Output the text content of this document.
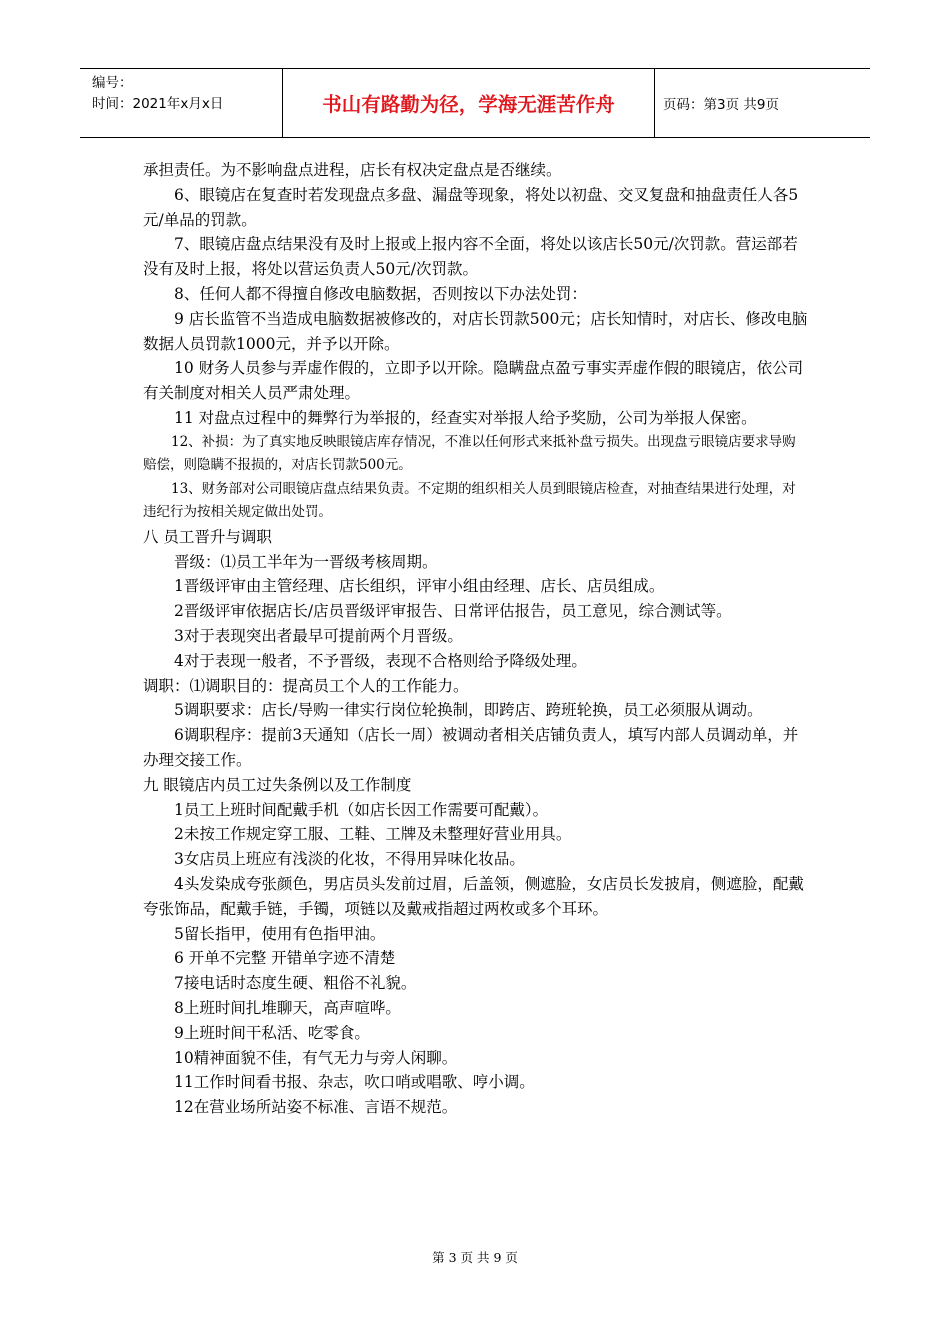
编号：
时间：2021年x月x日	书山有路勤为径，学海无涯苦作舟	页码：第3页 共9页

承担责任。为不影响盘点进程，店长有权决定盘点是否继续。

6、眼镜店在复查时若发现盘点多盘、漏盘等现象，将处以初盘、交叉复盘和抽盘责任人各5元/单品的罚款。

7、眼镜店盘点结果没有及时上报或上报内容不全面，将处以该店长50元/次罚款。营运部若没有及时上报，将处以营运负责人50元/次罚款。

8、任何人都不得擅自修改电脑数据，否则按以下办法处罚：

9 店长监管不当造成电脑数据被修改的，对店长罚款500元；店长知情时，对店长、修改电脑数据人员罚款1000元，并予以开除。

10 财务人员参与弄虚作假的，立即予以开除。隐瞒盘点盈亏事实弄虚作假的眼镜店，依公司有关制度对相关人员严肃处理。

11 对盘点过程中的舞弊行为举报的，经查实对举报人给予奖励，公司为举报人保密。

12、补损：为了真实地反映眼镜店库存情况，不准以任何形式来抵补盘亏损失。出现盘亏眼镜店要求导购赔偿，则隐瞒不报损的，对店长罚款500元。

13、财务部对公司眼镜店盘点结果负责。不定期的组织相关人员到眼镜店检查，对抽查结果进行处理，对违纪行为按相关规定做出处罚。

八 员工晋升与调职

晋级：⑴员工半年为一晋级考核周期。

1晋级评审由主管经理、店长组织，评审小组由经理、店长、店员组成。

2晋级评审依据店长/店员晋级评审报告、日常评估报告，员工意见，综合测试等。

3对于表现突出者最早可提前两个月晋级。

4对于表现一般者，不予晋级，表现不合格则给予降级处理。

调职：⑴调职目的：提高员工个人的工作能力。

5调职要求：店长/导购一律实行岗位轮换制，即跨店、跨班轮换，员工必须服从调动。

6调职程序：提前3天通知（店长一周）被调动者相关店铺负责人，填写内部人员调动单，并办理交接工作。

九 眼镜店内员工过失条例以及工作制度

1员工上班时间配戴手机（如店长因工作需要可配戴）。

2未按工作规定穿工服、工鞋、工牌及未整理好营业用具。

3女店员上班应有浅淡的化妆，不得用异味化妆品。

4头发染成夸张颜色，男店员头发前过眉，后盖领，侧遮脸，女店员长发披肩，侧遮脸，配戴夸张饰品，配戴手链，手镯，项链以及戴戒指超过两枚或多个耳环。

5留长指甲，使用有色指甲油。

6 开单不完整 开错单字迹不清楚

7接电话时态度生硬、粗俗不礼貌。

8上班时间扎堆聊天，高声喧哗。

9上班时间干私活、吃零食。

10精神面貌不佳，有气无力与旁人闲聊。

11工作时间看书报、杂志，吹口哨或唱歌、哼小调。

12在营业场所站姿不标准、言语不规范。

第 3 页 共 9 页
